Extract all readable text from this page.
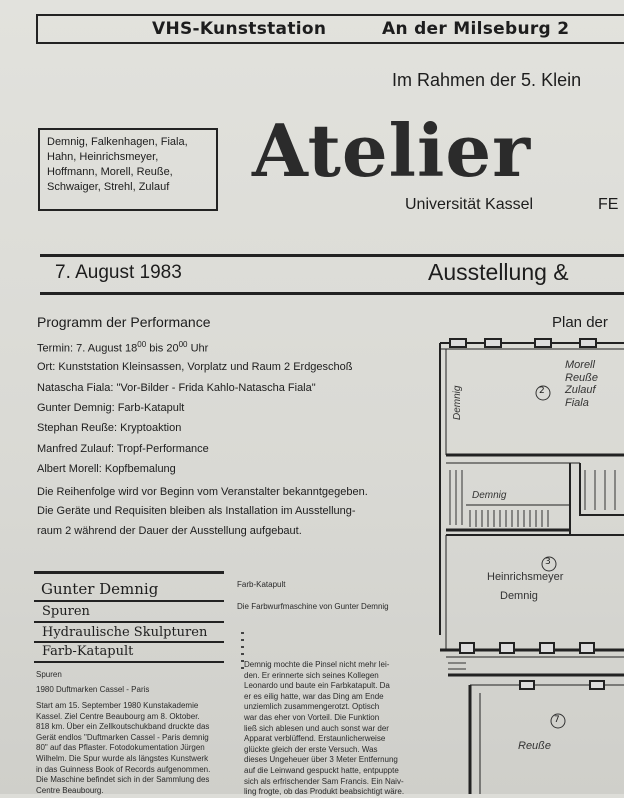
VHS-Kunststation	An der Milseburg 2
Im Rahmen der 5. Klein
Demnig, Falkenhagen, Fiala,
Hahn, Heinrichsmeyer,
Hoffmann, Morell, Reuße,
Schwaiger, Strehl, Zulauf	Atelier
Universität Kassel	FE
7. August 1983	Ausstellung &
Programm der Performance
Termin: 7. August $18^{00}$ bis $20^{00}$ Uhr
Ort: Kunststation Kleinsassen, Vorplatz und Raum 2 Erdgeschoß
Natascha Fiala: "Vor-Bilder - Frida Kahlo-Natascha Fiala"
Gunter Demnig: Farb-Katapult
Stephan Reuße: Kryptoaktion
Manfred Zulauf: Tropf-Performance
Albert Morell: Kopfbemalung
Die Reihenfolge wird vor Beginn vom Veranstalter bekanntgegeben.
Die Geräte und Requisiten bleiben als Installation im Ausstellung-
raum 2 während der Dauer der Ausstellung aufgebaut.
Gunter Demnig
Spuren
Hydraulische Skulpturen
Farb-Katapult
Spuren
1980 Duftmarken Cassel - Paris
Start am 15. September 1980 Kunstakademie
Kassel. Ziel Centre Beaubourg am 8. Oktober.
818 km. Über ein Zellkoutschukband druckte das
Gerät endlos "Duftmarken Cassel - Paris demnig
80" auf das Pflaster. Fotodokumentation Jürgen
Wilhelm. Die Spur wurde als längstes Kunstwerk
in das Guinness Book of Records aufgenommen.
Die Maschine befindet sich in der Sammlung des
Centre Beaubourg.
Farb-Katapult
Die Farbwurfmaschine von Gunter Demnig
Demnig mochte die Pinsel nicht mehr lei-
den. Er erinnerte sich seines Kollegen
Leonardo und baute ein Farbkatapult. Da
er es eilig hatte, war das Ding am Ende
unziemlich zusammengerotzt. Optisch
war das eher von Vorteil. Die Funktion
ließ sich ablesen und auch sonst war der
Apparat verblüffend. Erstaunlicherweise
glückte gleich der erste Versuch. Was
dieses Ungeheuer über 3 Meter Entfernung
auf die Leinwand gespuckt hatte, entpuppte
sich als erfrischender Sam Francis. Ein Naiv-
ling frogte, ob das Produkt beabsichtigt wäre.
Plan der
2
Morell
Reuße
Zulauf
Fiala
Demnig
Demnig
3
Heinrichsmeyer
Demnig
7
Reuße
